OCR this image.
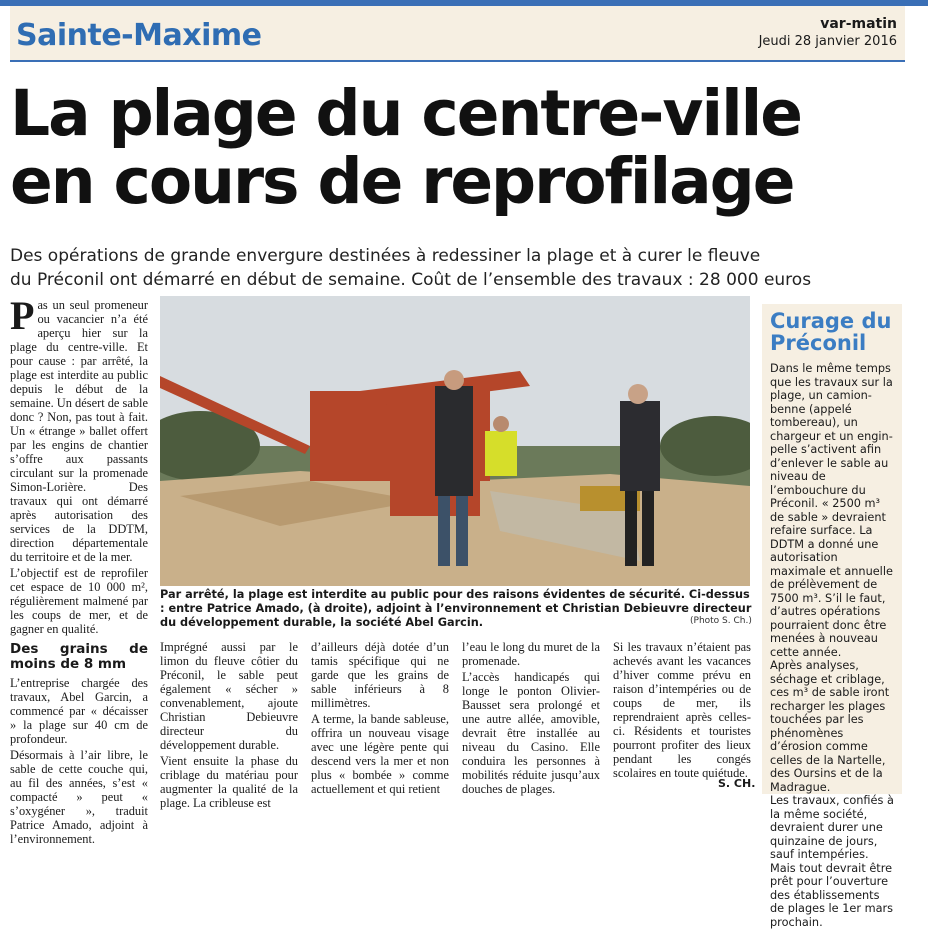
Sainte-Maxime	var-matin
Jeudi 28 janvier 2016
La plage du centre-ville
en cours de reprofilage
Des opérations de grande envergure destinées à redessiner la plage et à curer le fleuve
du Préconil ont démarré en début de semaine. Coût de l’ensemble des travaux : 28 000 euros

Pas un seul promeneur ou vacancier n’a été aperçu hier sur la plage du centre-ville. Et pour cause : par arrêté, la plage est interdite au public depuis le début de la semaine. Un désert de sable donc ? Non, pas tout à fait. Un « étrange » ballet offert par les engins de chantier s’offre aux passants circulant sur la promenade Simon-Lorière. Des travaux qui ont démarré après autorisation des services de la DDTM, direction départementale du territoire et de la mer.

L’objectif est de reprofiler cet espace de 10 000 m², régulièrement malmené par les coups de mer, et de gagner en qualité.

Des grains de moins de 8 mm

L’entreprise chargée des travaux, Abel Garcin, a commencé par « décaisser » la plage sur 40 cm de profondeur.

Désormais à l’air libre, le sable de cette couche qui, au fil des années, s’est « compacté » peut « s’oxygéner », traduit Patrice Amado, adjoint à l’environnement.

Par arrêté, la plage est interdite au public pour des raisons évidentes de sécurité. Ci-dessus : entre Patrice Amado, (à droite), adjoint à l’environnement et Christian Debieuvre directeur du développement durable, la société Abel Garcin.	(Photo S. Ch.)

Imprégné aussi par le limon du fleuve côtier du Préconil, le sable peut également « sécher » convenablement, ajoute Christian Debieuvre directeur du développement durable.

Vient ensuite la phase du criblage du matériau pour augmenter la qualité de la plage. La cribleuse est

d’ailleurs déjà dotée d’un tamis spécifique qui ne garde que les grains de sable inférieurs à 8 millimètres.

A terme, la bande sableuse, offrira un nouveau visage avec une légère pente qui descend vers la mer et non plus « bombée » comme actuellement et qui retient

l’eau le long du muret de la promenade.

L’accès handicapés qui longe le ponton Olivier-Bausset sera prolongé et une autre allée, amovible, devrait être installée au niveau du Casino. Elle conduira les personnes à mobilités réduite jusqu’aux douches de plages.

Si les travaux n’étaient pas achevés avant les vacances d’hiver comme prévu en raison d’intempéries ou de coups de mer, ils reprendraient après celles-ci. Résidents et touristes pourront profiter des lieux pendant les congés scolaires en toute quiétude.

S. CH.
Curage du Préconil

Dans le même temps que les travaux sur la plage, un camion-benne (appelé tombereau), un chargeur et un engin-pelle s’activent afin d’enlever le sable au niveau de l’embouchure du Préconil. « 2500 m³ de sable » devraient refaire surface. La DDTM a donné une autorisation maximale et annuelle de prélèvement de 7500 m³. S’il le faut, d’autres opérations pourraient donc être menées à nouveau cette année.

Après analyses, séchage et criblage, ces m³ de sable iront recharger les plages touchées par les phénomènes d’érosion comme celles de la Nartelle, des Oursins et de la Madrague.

Les travaux, confiés à la même société, devraient durer une quinzaine de jours, sauf intempéries.

Mais tout devrait être prêt pour l’ouverture des établissements de plages le 1er mars prochain.
